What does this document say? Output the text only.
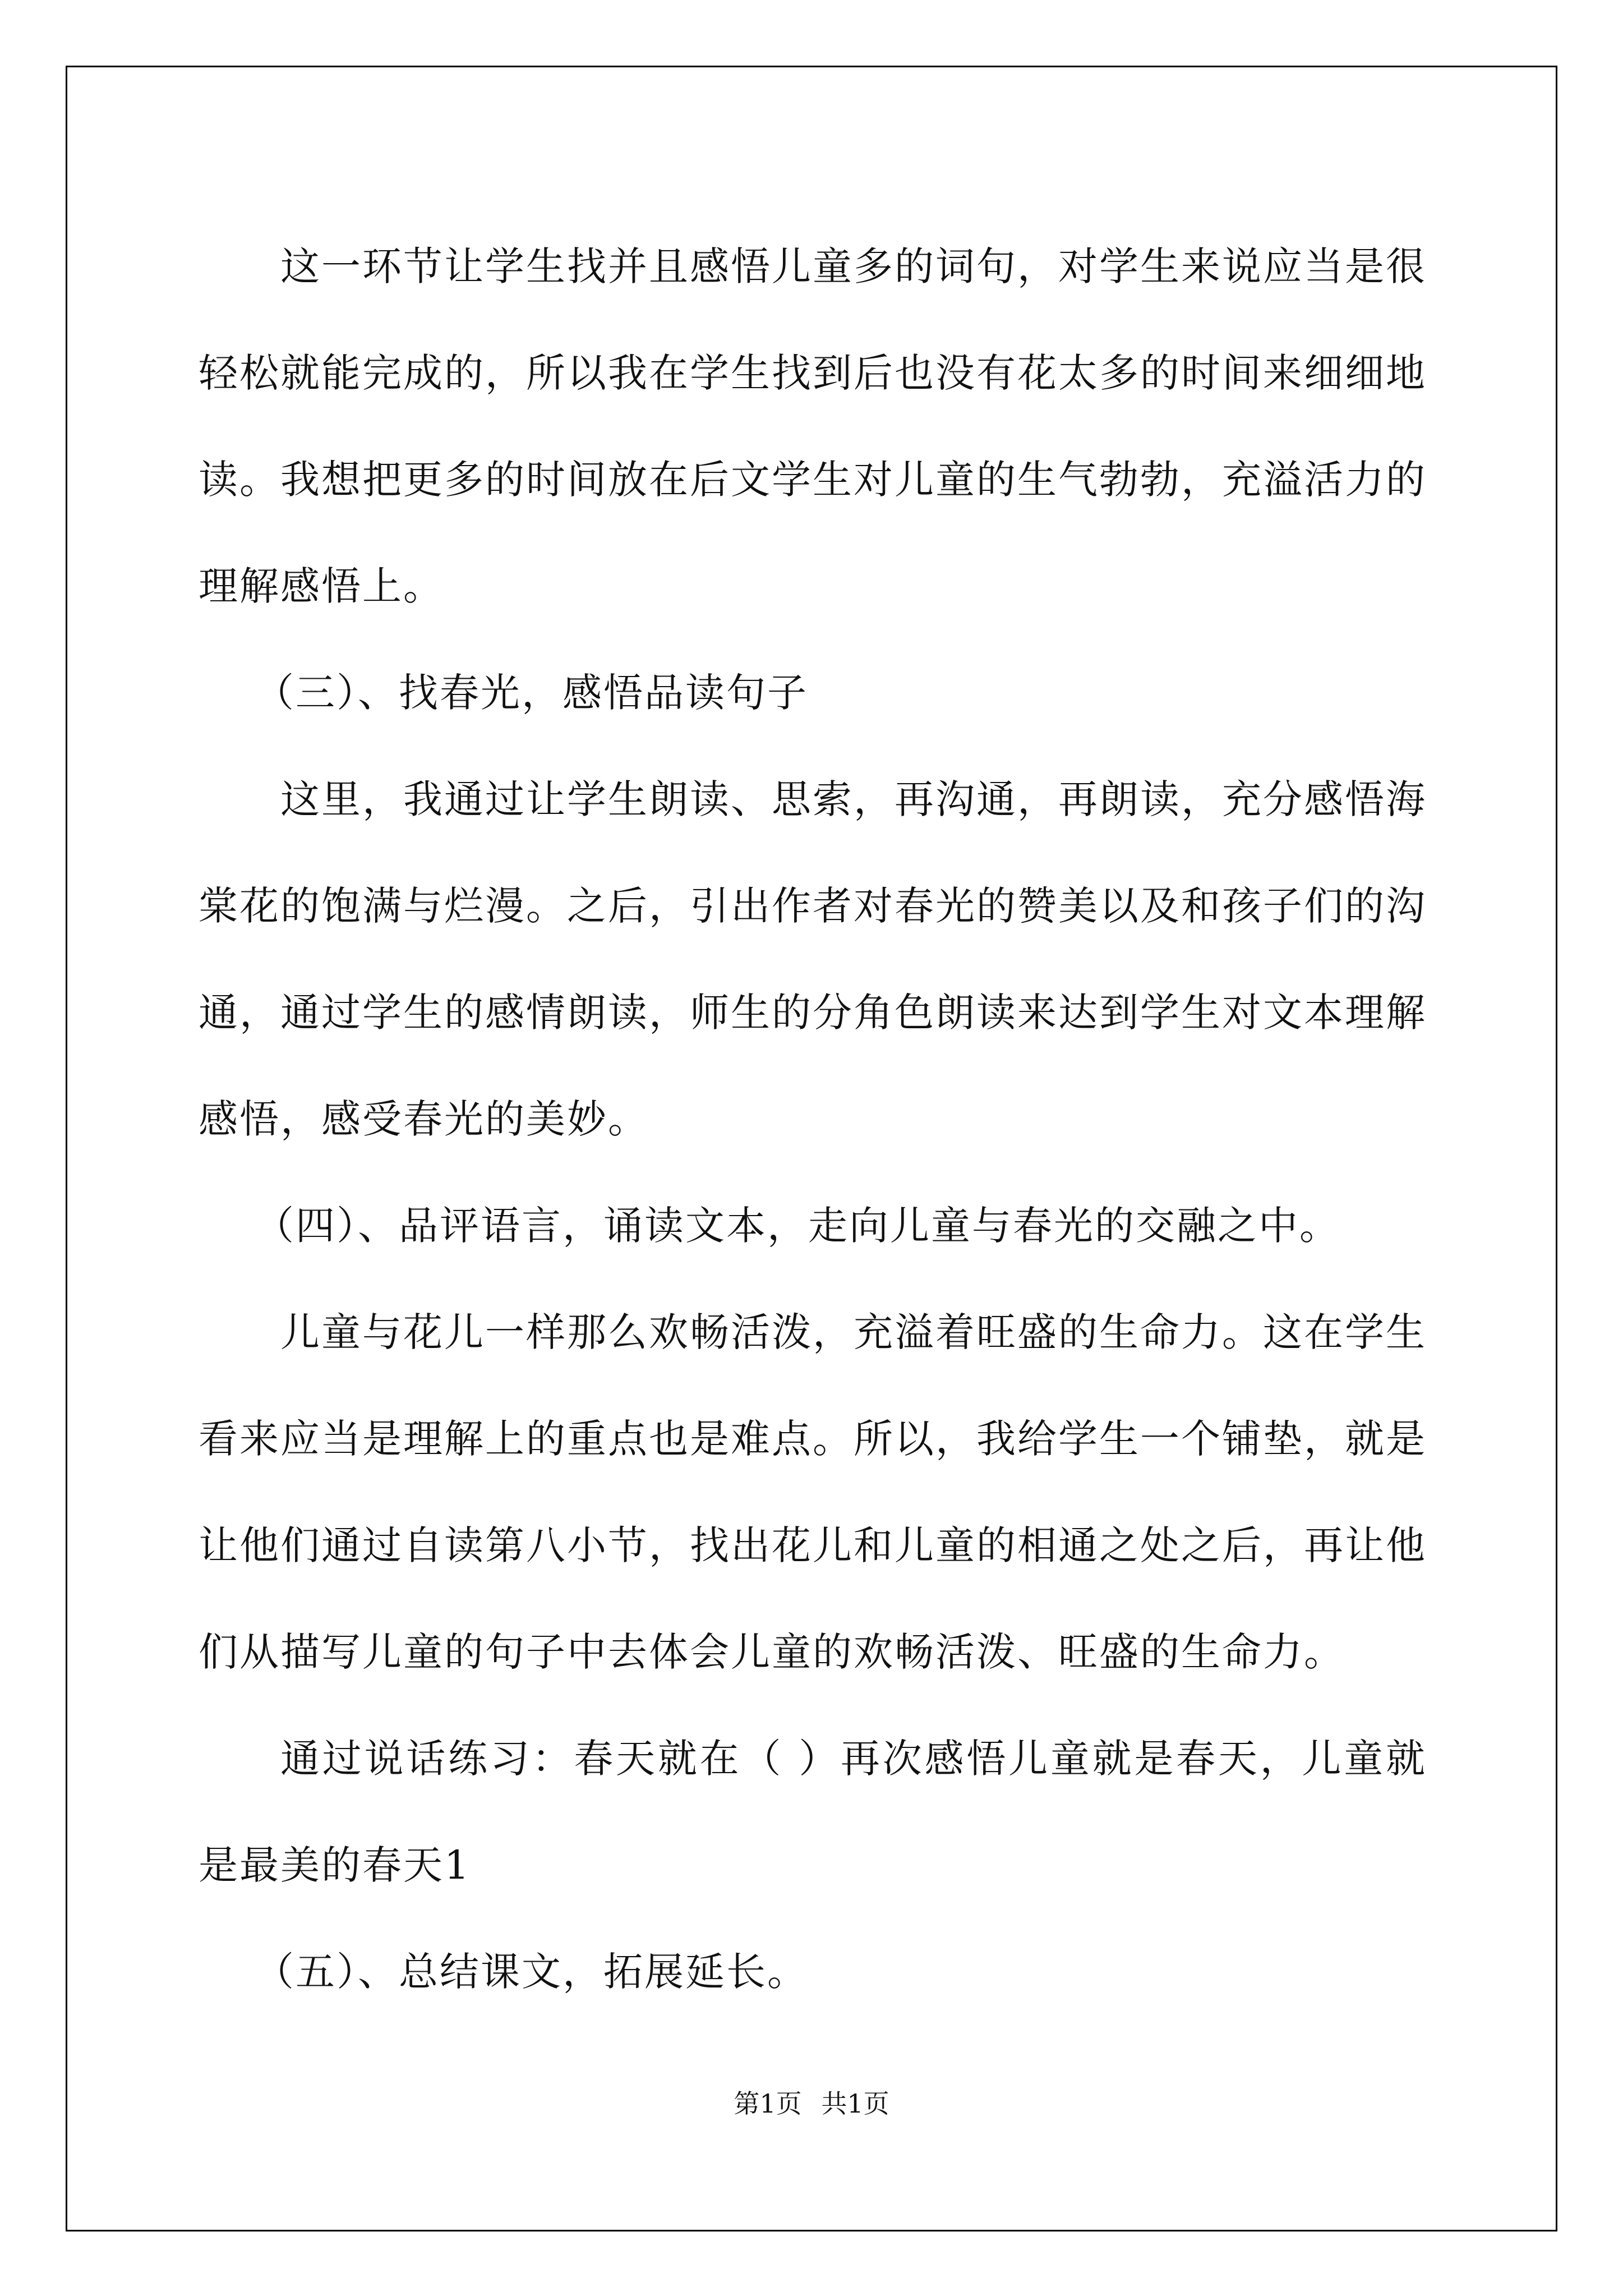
这一环节让学生找并且感悟儿童多的词句，对学生来说应当是很轻松就能完成的，所以我在学生找到后也没有花太多的时间来细细地读。我想把更多的时间放在后文学生对儿童的生气勃勃，充溢活力的理解感悟上。

（三）、找春光，感悟品读句子

这里，我通过让学生朗读、思索，再沟通，再朗读，充分感悟海棠花的饱满与烂漫。之后，引出作者对春光的赞美以及和孩子们的沟通，通过学生的感情朗读，师生的分角色朗读来达到学生对文本理解感悟，感受春光的美妙。

（四）、品评语言，诵读文本，走向儿童与春光的交融之中。

儿童与花儿一样那么欢畅活泼，充溢着旺盛的生命力。这在学生看来应当是理解上的重点也是难点。所以，我给学生一个铺垫，就是让他们通过自读第八小节，找出花儿和儿童的相通之处之后，再让他们从描写儿童的句子中去体会儿童的欢畅活泼、旺盛的生命力。

通过说话练习：春天就在（ ）再次感悟儿童就是春天，儿童就是最美的春天1

（五）、总结课文，拓展延长。

第1页 共1页
